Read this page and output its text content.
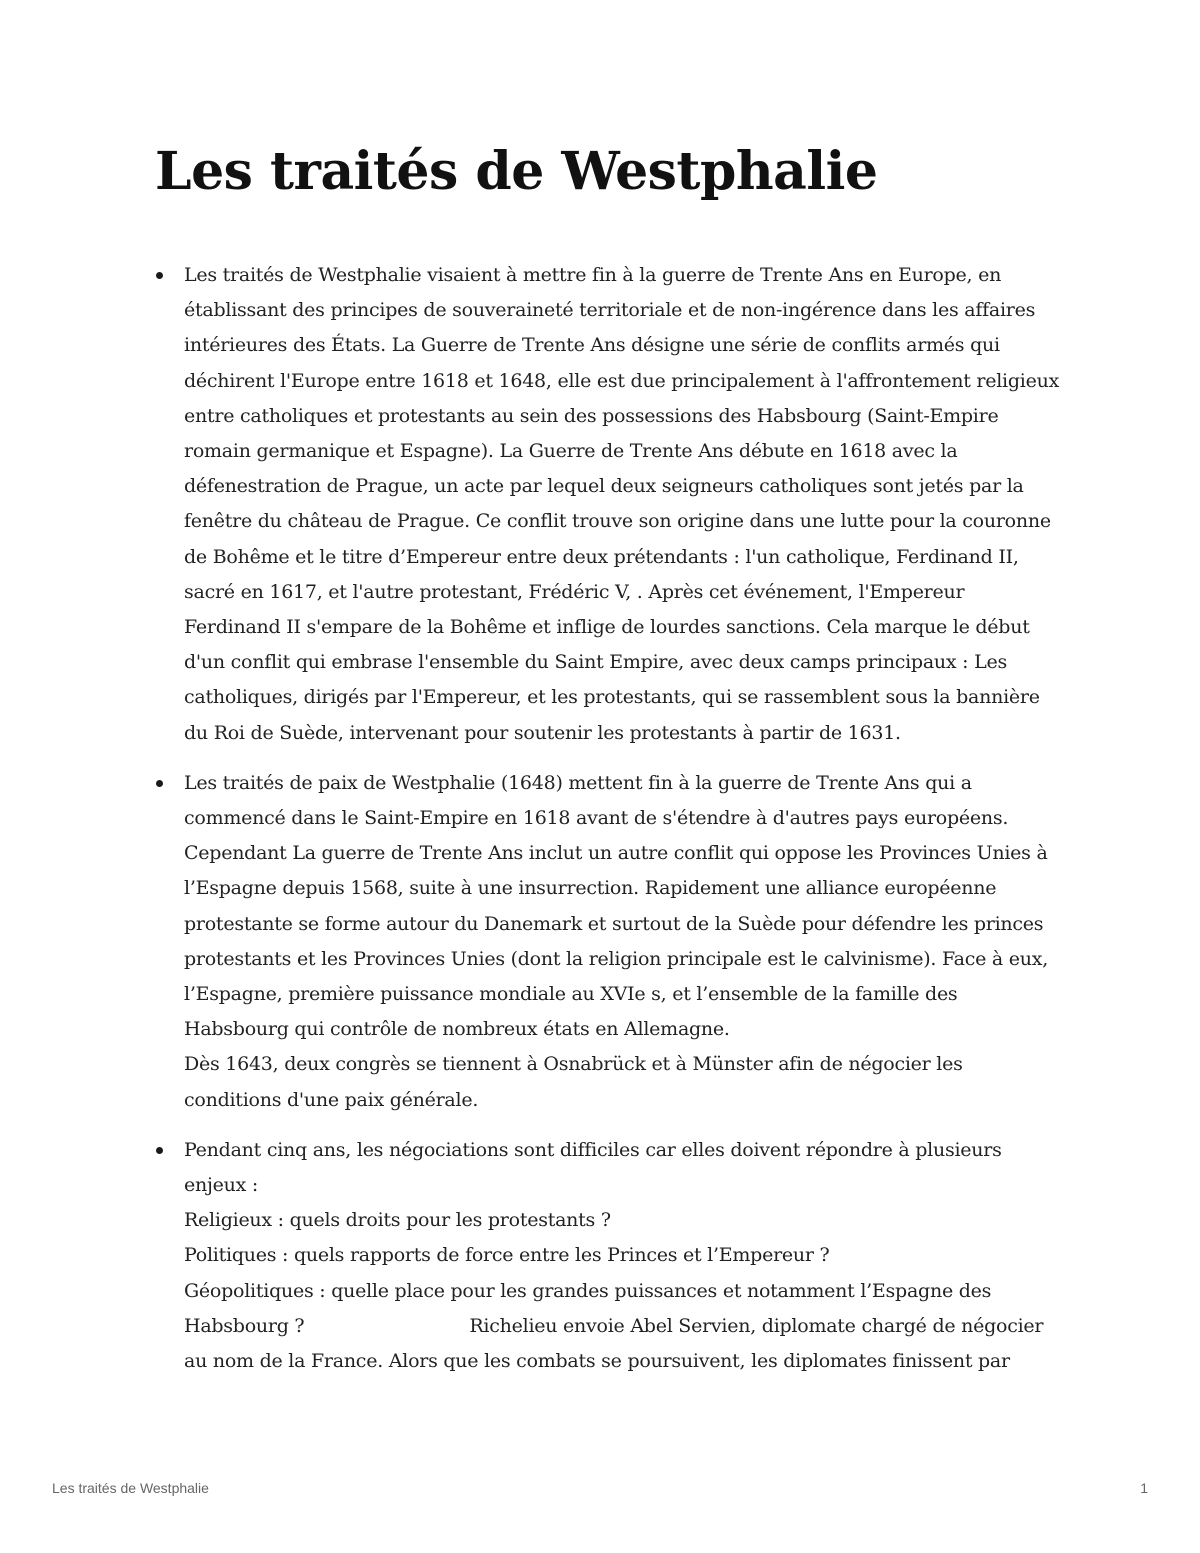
Les traités de Westphalie
Les traités de Westphalie visaient à mettre fin à la guerre de Trente Ans en Europe, en établissant des principes de souveraineté territoriale et de non-ingérence dans les affaires intérieures des États. La Guerre de Trente Ans désigne une série de conflits armés qui déchirent l'Europe entre 1618 et 1648, elle est due principalement à l'affrontement religieux entre catholiques et protestants au sein des possessions des Habsbourg (Saint-Empire romain germanique et Espagne). La Guerre de Trente Ans débute en 1618 avec la défenestration de Prague, un acte par lequel deux seigneurs catholiques sont jetés par la fenêtre du château de Prague. Ce conflit trouve son origine dans une lutte pour la couronne de Bohême et le titre d’Empereur entre deux prétendants : l'un catholique, Ferdinand II, sacré en 1617, et l'autre protestant, Frédéric V, . Après cet événement, l'Empereur Ferdinand II s'empare de la Bohême et inflige de lourdes sanctions. Cela marque le début d'un conflit qui embrase l'ensemble du Saint Empire, avec deux camps principaux : Les catholiques, dirigés par l'Empereur, et les protestants, qui se rassemblent sous la bannière du Roi de Suède, intervenant pour soutenir les protestants à partir de 1631.
Les traités de paix de Westphalie (1648) mettent fin à la guerre de Trente Ans qui a commencé dans le Saint-Empire en 1618 avant de s'étendre à d'autres pays européens. Cependant La guerre de Trente Ans inclut un autre conflit qui oppose les Provinces Unies à l’Espagne depuis 1568, suite à une insurrection. Rapidement une alliance européenne protestante se forme autour du Danemark et surtout de la Suède pour défendre les princes protestants et les Provinces Unies (dont la religion principale est le calvinisme). Face à eux, l’Espagne, première puissance mondiale au XVIe s, et l’ensemble de la famille des Habsbourg qui contrôle de nombreux états en Allemagne.
Dès 1643, deux congrès se tiennent à Osnabrück et à Münster afin de négocier les conditions d'une paix générale.
Pendant cinq ans, les négociations sont difficiles car elles doivent répondre à plusieurs enjeux :
Religieux : quels droits pour les protestants ?
Politiques : quels rapports de force entre les Princes et l’Empereur ?
Géopolitiques : quelle place pour les grandes puissances et notamment l’Espagne des Habsbourg ?	Richelieu envoie Abel Servien, diplomate chargé de négocier au nom de la France. Alors que les combats se poursuivent, les diplomates finissent par
Les traités de Westphalie	1
